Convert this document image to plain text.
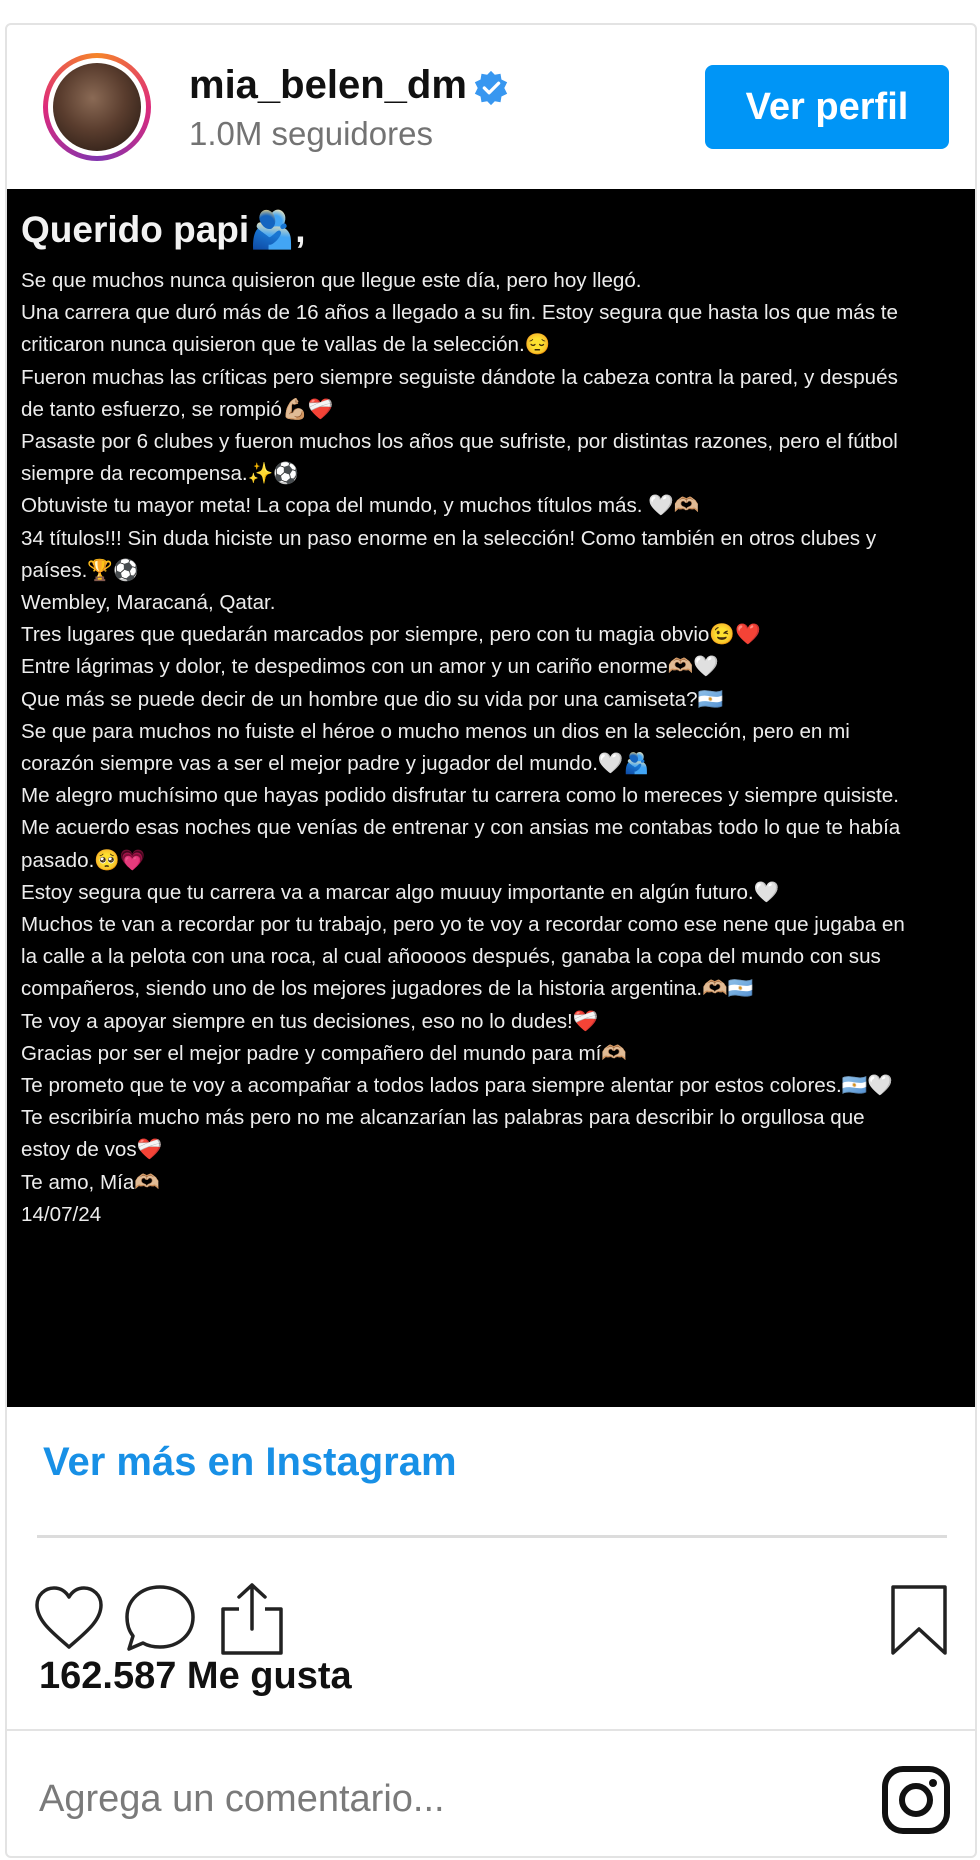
mia_belen_dm
1.0M seguidores
Ver perfil
Querido papi🫂,
Se que muchos nunca quisieron que llegue este día, pero hoy llegó.
Una carrera que duró más de 16 años a llegado a su fin. Estoy segura que hasta los que más te
criticaron nunca quisieron que te vallas de la selección.😔
Fueron muchas las críticas pero siempre seguiste dándote la cabeza contra la pared, y después
de tanto esfuerzo, se rompió💪🏼❤️‍🩹
Pasaste por 6 clubes y fueron muchos los años que sufriste, por distintas razones, pero el fútbol
siempre da recompensa.✨⚽
Obtuviste tu mayor meta! La copa del mundo, y muchos títulos más. 🤍🫶🏼
34 títulos!!! Sin duda hiciste un paso enorme en la selección! Como también en otros clubes y
países.🏆⚽
Wembley, Maracaná, Qatar.
Tres lugares que quedarán marcados por siempre, pero con tu magia obvio😉❤️
Entre lágrimas y dolor, te despedimos con un amor y un cariño enorme🫶🏼🤍
Que más se puede decir de un hombre que dio su vida por una camiseta?🇦🇷
Se que para muchos no fuiste el héroe o mucho menos un dios en la selección, pero en mi
corazón siempre vas a ser el mejor padre y jugador del mundo.🤍🫂
Me alegro muchísimo que hayas podido disfrutar tu carrera como lo mereces y siempre quisiste.
Me acuerdo esas noches que venías de entrenar y con ansias me contabas todo lo que te había
pasado.🥺💗
Estoy segura que tu carrera va a marcar algo muuuy importante en algún futuro.🤍
Muchos te van a recordar por tu trabajo, pero yo te voy a recordar como ese nene que jugaba en
la calle a la pelota con una roca, al cual añoooos después, ganaba la copa del mundo con sus
compañeros, siendo uno de los mejores jugadores de la historia argentina.🫶🏼🇦🇷
Te voy a apoyar siempre en tus decisiones, eso no lo dudes!❤️‍🩹
Gracias por ser el mejor padre y compañero del mundo para mí🫶🏼
Te prometo que te voy a acompañar a todos lados para siempre alentar por estos colores.🇦🇷🤍
Te escribiría mucho más pero no me alcanzarían las palabras para describir lo orgullosa que
estoy de vos❤️‍🩹
Te amo, Mía🫶🏼
14/07/24
Ver más en Instagram
162.587 Me gusta
Agrega un comentario...
